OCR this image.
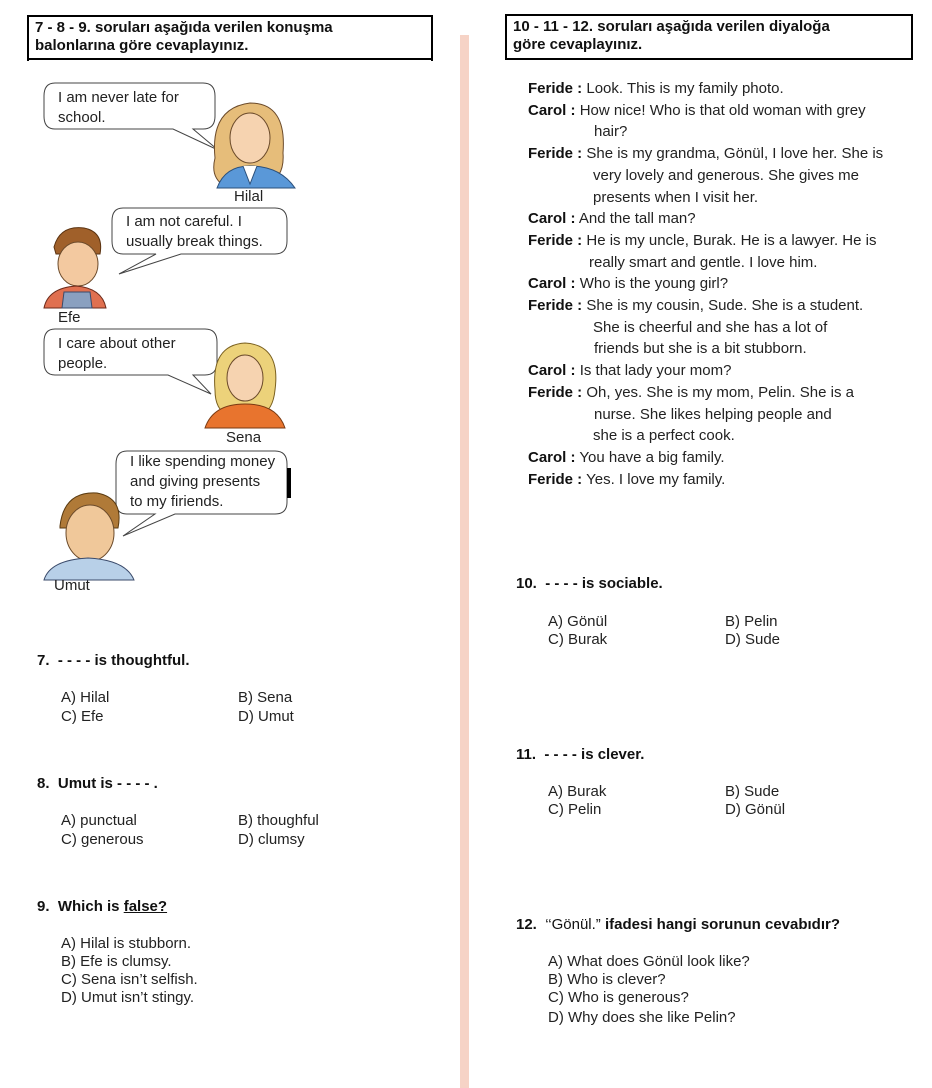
7 - 8 - 9. soruları aşağıda verilen konuşma
balonlarına göre cevaplayınız.
10 - 11 - 12. soruları aşağıda verilen diyaloğa
göre cevaplayınız.
I am never late for
school.
Hilal
I am not careful. I
usually break things.
Efe
I care about other
people.
Sena
I like spending money
and giving presents
to my firiends.
Umut
Feride : Look. This is my family photo.
Carol : How nice! Who is that old woman with grey
hair?
Feride : She is my grandma, Gönül, I love her. She is
very lovely and generous. She gives me
presents when I visit her.
Carol : And the tall man?
Feride : He is my uncle, Burak. He is a lawyer. He is
really smart and gentle. I love him.
Carol : Who is the young girl?
Feride : She is my cousin, Sude. She is a student.
She is cheerful and she has a lot of
friends but she is a bit stubborn.
Carol : Is that lady your mom?
Feride : Oh, yes. She is my mom, Pelin. She is a
nurse. She likes helping people and
she is a perfect cook.
Carol : You have a big family.
Feride : Yes. I love my family.
7. - - - - is thoughtful.
A) Hilal	B) Sena
C) Efe	D) Umut
8. Umut is - - - - .
A) punctual	B) thoughful
C) generous	D) clumsy
9. Which is false?
A) Hilal is stubborn.
B) Efe is clumsy.
C) Sena isn’t selfish.
D) Umut isn’t stingy.
10. - - - - is sociable.
A) Gönül	B) Pelin
C) Burak	D) Sude
11. - - - - is clever.
A) Burak	B) Sude
C) Pelin	D) Gönül
12. ‘‘Gönül.” ifadesi hangi sorunun cevabıdır?
A) What does Gönül look like?
B) Who is clever?
C) Who is generous?
D) Why does she like Pelin?
